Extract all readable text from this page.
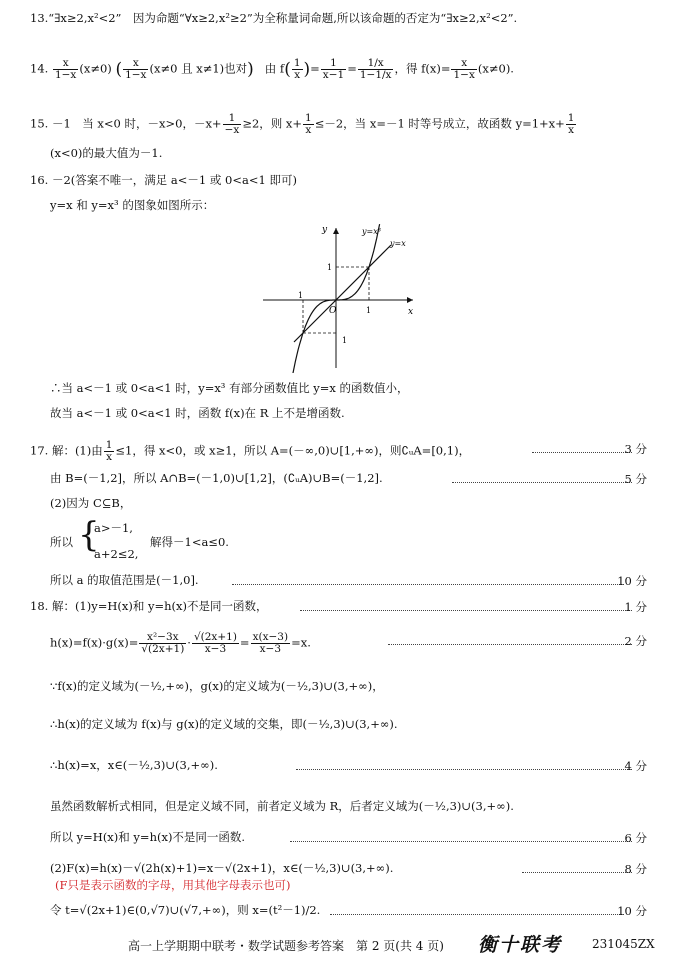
13.“∃x≥2,x²<2”　因为命题“∀x≥2,x²≥2”为全称量词命题,所以该命题的否定为“∃x≥2,x²<2”.
14. $\frac{x}{1-x} (x\ne 0)$ ( $\frac{x}{1-x} (x\ne 0$ 且 x≠1)也对) 由 $f( \frac{1}{x}$ )= $\frac{1}{x-1} = \frac{1/x}{1-1/x}$ ，得 $f(x)= \frac{x}{1-x} (x\ne 0)$.
15. －1　当 x<0 时，－x>0，$-x+ \frac{1}{-x} \ge 2$，则 $x+ \frac{1}{x} \le-2$，当 x=－1 时等号成立，故函数 $y=1+x+ \frac{1}{x}$
(x<0)的最大值为－1.
16. －2(答案不唯一，满足 a<－1 或 0<a<1 即可)
y=x 和 y=x³ 的图象如图所示：
y
x
O	1
1
1
1
y=x³
y=x
∴当 a<－1 或 0<a<1 时，y=x³ 有部分函数值比 y=x 的函数值小，
故当 a<－1 或 0<a<1 时，函数 f(x)在 R 上不是增函数.
17. 解：(1)由 $\frac{1}{x} \le 1$，得 x<0，或 x≥1，所以 A=(－∞,0)∪[1,+∞)，则∁ᵤA=[0,1)，	3 分
由 B=(－1,2]，所以 A∩B=(－1,0)∪[1,2]，(∁ᵤA)∪B=(－1,2].	5 分
(2)因为 C⊆B，
所以 {
a>－1,
a+2≤2,
解得－1<a≤0.
所以 a 的取值范围是(－1,0].	10 分
18. 解：(1)y=H(x)和 y=h(x)不是同一函数，	1 分
$h(x)=f(x)\cdot g(x)= \frac{\text{x²−3x}}{√(2x+1)} \cdot \frac{√(2x+1)}{x-3} = \frac{x(x-3)}{x-3} =x$.	2 分
∵f(x)的定义域为(－½,+∞)，g(x)的定义域为(－½,3)∪(3,+∞)，
∴h(x)的定义域为 f(x)与 g(x)的定义域的交集，即(－½,3)∪(3,+∞).
∴h(x)=x，x∈(－½,3)∪(3,+∞).	4 分
虽然函数解析式相同，但是定义域不同，前者定义域为 R，后者定义域为(－½,3)∪(3,+∞).
所以 y=H(x)和 y=h(x)不是同一函数.	6 分
(2)F(x)=h(x)－√(2h(x)+1)=x－√(2x+1)，x∈(－½,3)∪(3,+∞).	8 分
(F只是表示函数的字母，用其他字母表示也可)
令 t=√(2x+1)∈(0,√7)∪(√7,+∞)，则 x=(t²－1)/2.	10 分
高一上学期期中联考・数学试题参考答案　第 2 页(共 4 页) 衡十联考 231045ZX
